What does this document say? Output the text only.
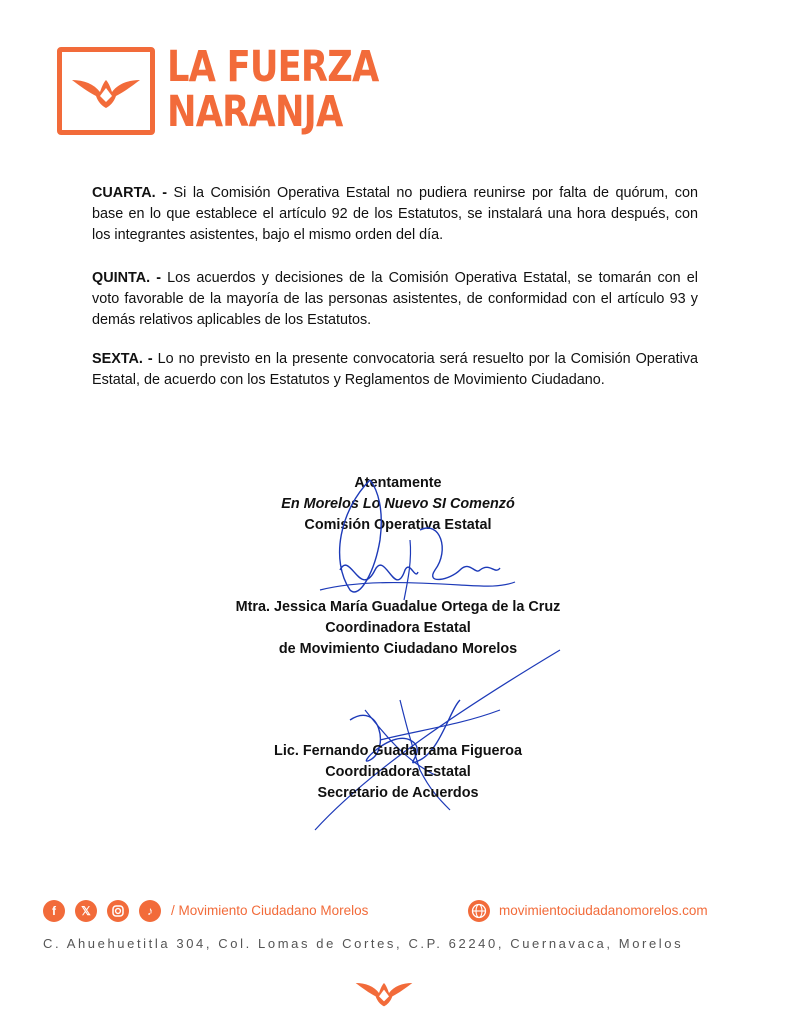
LA FUERZA
NARANJA

CUARTA. - Si la Comisión Operativa Estatal no pudiera reunirse por falta de quórum, con base en lo que establece el artículo 92 de los Estatutos, se instalará una hora después, con los integrantes asistentes, bajo el mismo orden del día.

QUINTA. - Los acuerdos y decisiones de la Comisión Operativa Estatal, se tomarán con el voto favorable de la mayoría de las personas asistentes, de conformidad con el artículo 93 y demás relativos aplicables de los Estatutos.

SEXTA. - Lo no previsto en la presente convocatoria será resuelto por la Comisión Operativa Estatal, de acuerdo con los Estatutos y Reglamentos de Movimiento Ciudadano.

Atentamente
En Morelos Lo Nuevo SI Comenzó
Comisión Operativa Estatal
Mtra. Jessica María Guadalue Ortega de la Cruz
Coordinadora Estatal
de Movimiento Ciudadano Morelos
Lic. Fernando Guadarrama Figueroa
Coordinadora Estatal
Secretario de Acuerdos
f	𝕏	♪	/ Movimiento Ciudadano Morelos	movimientociudadanomorelos.com
C. Ahuehuetitla 304, Col. Lomas de Cortes, C.P. 62240, Cuernavaca, Morelos
